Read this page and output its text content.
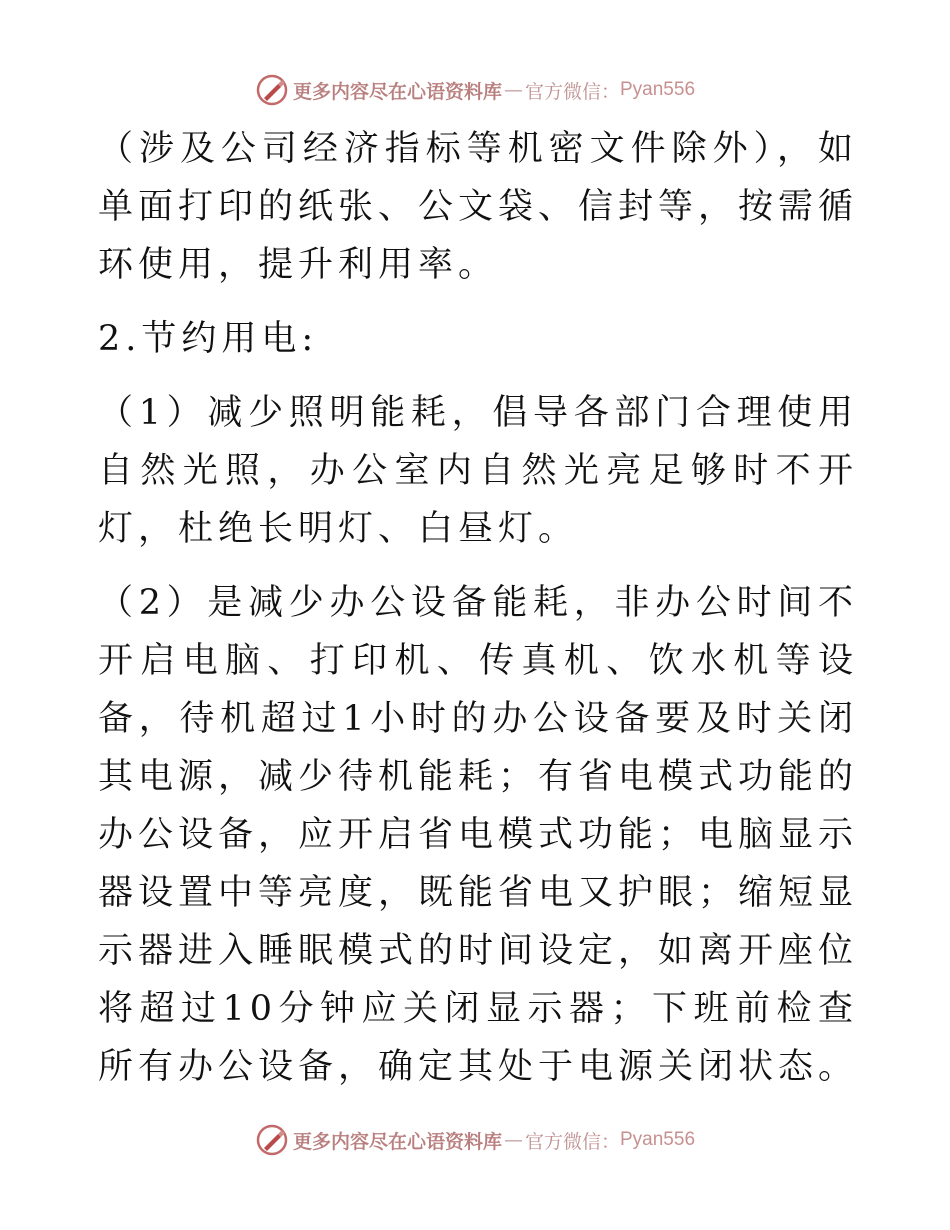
更多内容尽在心语资料库 — 官方微信： Pyan556

（涉及公司经济指标等机密文件除外），如单面打印的纸张、公文袋、信封等，按需循环使用，提升利用率。

2.节约用电:

（1）减少照明能耗，倡导各部门合理使用自然光照，办公室内自然光亮足够时不开灯，杜绝长明灯、白昼灯。

（2）是减少办公设备能耗，非办公时间不开启电脑、打印机、传真机、饮水机等设备，待机超过1小时的办公设备要及时关闭其电源，减少待机能耗；有省电模式功能的办公设备，应开启省电模式功能；电脑显示器设置中等亮度，既能省电又护眼；缩短显示器进入睡眠模式的时间设定，如离开座位将超过10分钟应关闭显示器；下班前检查所有办公设备，确定其处于电源关闭状态。

更多内容尽在心语资料库 — 官方微信： Pyan556
